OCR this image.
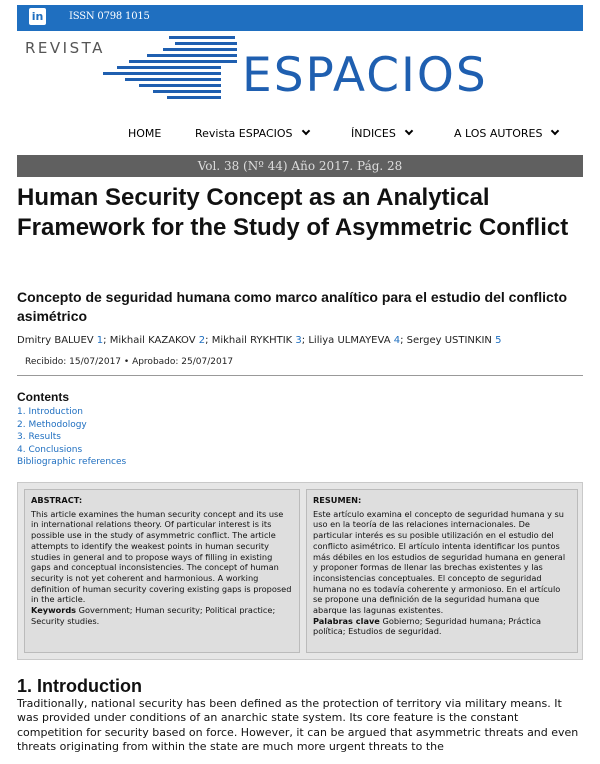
in	ISSN 0798 1015
REVISTA	ESPACIOS
HOME	Revista ESPACIOS	ÍNDICES	A LOS AUTORES
Vol. 38 (Nº 44) Año 2017. Pág. 28
Human Security Concept as an Analytical Framework for the Study of Asymmetric Conflict
Concepto de seguridad humana como marco analítico para el estudio del conflicto asimétrico
Dmitry BALUEV 1; Mikhail KAZAKOV 2; Mikhail RYKHTIK 3; Liliya ULMAYEVA 4; Sergey USTINKIN 5
Recibido: 15/07/2017 • Aprobado: 25/07/2017
Contents
1. Introduction
2. Methodology
3. Results
4. Conclusions
Bibliographic references
ABSTRACT:
This article examines the human security concept and its use in international relations theory. Of particular interest is its possible use in the study of asymmetric conflict. The article attempts to identify the weakest points in human security studies in general and to propose ways of filling in existing gaps and conceptual inconsistencies. The concept of human security is not yet coherent and harmonious. A working definition of human security covering existing gaps is proposed in the article.
Keywords Government; Human security; Political practice; Security studies.
RESUMEN:
Este artículo examina el concepto de seguridad humana y su uso en la teoría de las relaciones internacionales. De particular interés es su posible utilización en el estudio del conflicto asimétrico. El artículo intenta identificar los puntos más débiles en los estudios de seguridad humana en general y proponer formas de llenar las brechas existentes y las inconsistencias conceptuales. El concepto de seguridad humana no es todavía coherente y armonioso. En el artículo se propone una definición de la seguridad humana que abarque las lagunas existentes.
Palabras clave Gobierno; Seguridad humana; Práctica política; Estudios de seguridad.
1. Introduction

Traditionally, national security has been defined as the protection of territory via military means. It was provided under conditions of an anarchic state system. Its core feature is the constant competition for security based on force. However, it can be argued that asymmetric threats and even threats originating from within the state are much more urgent threats to the
